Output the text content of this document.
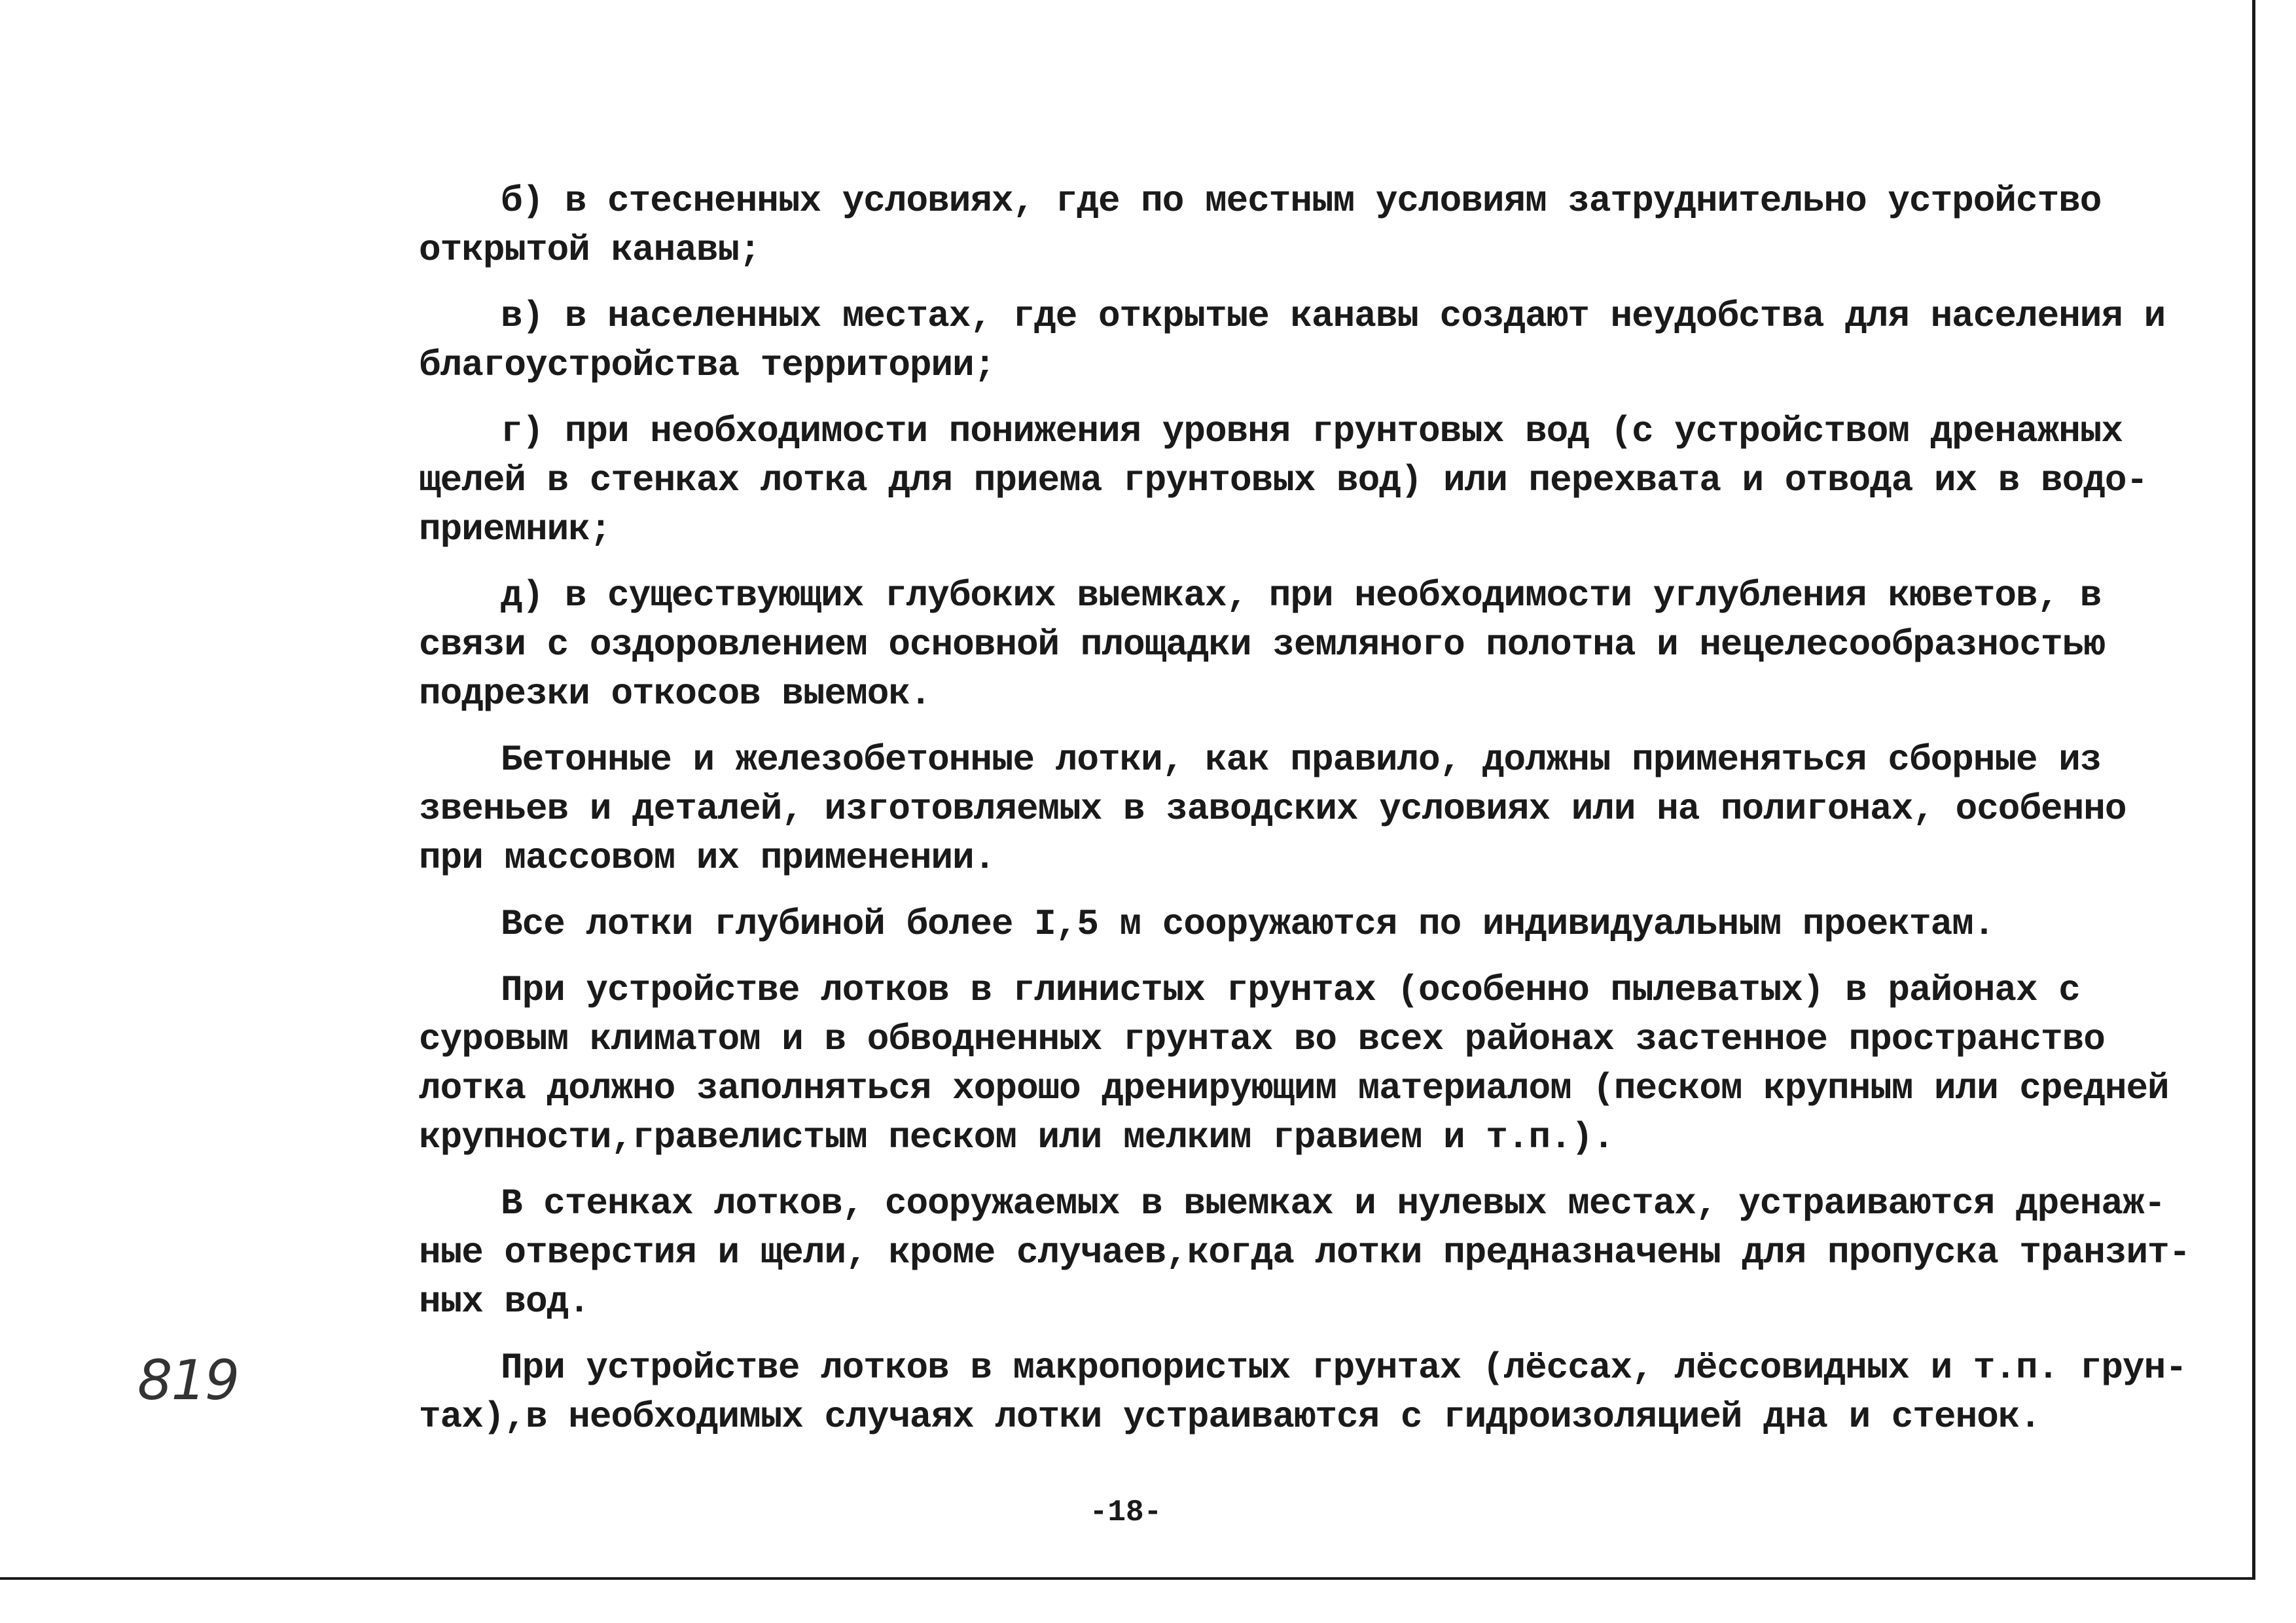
819

б) в стесненных условиях, где по местным условиям затруднительно устройство
открытой канавы;

в) в населенных местах, где открытые канавы создают неудобства для населения и
благоустройства территории;

г) при необходимости понижения уровня грунтовых вод (с устройством дренажных
щелей в стенках лотка для приема грунтовых вод) или перехвата и отвода их в водо-
приемник;

д) в существующих глубоких выемках, при необходимости углубления кюветов, в
связи с оздоровлением основной площадки земляного полотна и нецелесообразностью
подрезки откосов выемок.

Бетонные и железобетонные лотки, как правило, должны применяться сборные из
звеньев и деталей, изготовляемых в заводских условиях или на полигонах, особенно
при массовом их применении.

Все лотки глубиной более I,5 м сооружаются по индивидуальным проектам.

При устройстве лотков в глинистых грунтах (особенно пылеватых) в районах с
суровым климатом и в обводненных грунтах во всех районах застенное пространство
лотка должно заполняться хорошо дренирующим материалом (песком крупным или средней
крупности,гравелистым песком или мелким гравием и т.п.).

В стенках лотков, сооружаемых в выемках и нулевых местах, устраиваются дренаж-
ные отверстия и щели, кроме случаев,когда лотки предназначены для пропуска транзит-
ных вод.

При устройстве лотков в макропористых грунтах (лёссах, лёссовидных и т.п. грун-
тах),в необходимых случаях лотки устраиваются с гидроизоляцией дна и стенок.

-18-
